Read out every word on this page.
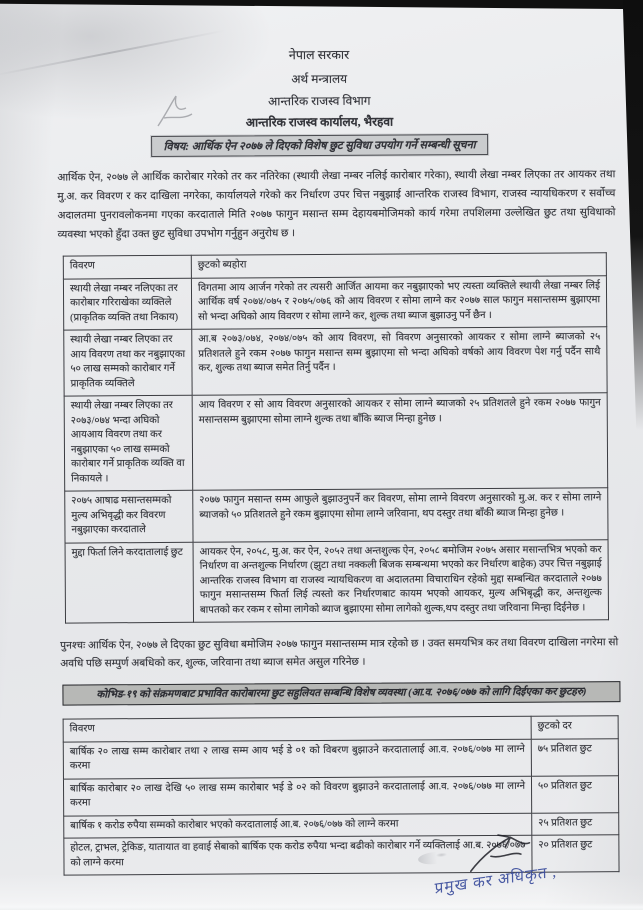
नेपाल सरकार
अर्थ मन्त्रालय
आन्तरिक राजस्व विभाग
आन्तरिक राजस्व कार्यालय, भैरहवा
विषय: आर्थिक ऐन २०७७ ले दिएको विशेष छुट सुविधा उपयोग गर्ने सम्बन्धी सूचना

आर्थिक ऐन, २०७७ ले आर्थिक कारोबार गरेको तर कर नतिरेका (स्थायी लेखा नम्बर नलिई कारोबार गरेका), स्थायी लेखा नम्बर लिएका तर आयकर तथा मु.अ. कर विवरण र कर दाखिला नगरेका, कार्यालयले गरेको कर निर्धारण उपर चित्त नबुझाई आन्तरिक राजस्व विभाग, राजस्व न्यायधिकरण र सर्वोच्च अदालतमा पुनरावलोकनमा गएका करदाताले मिति २०७७ फागुन मसान्त सम्म देहायबमोजिमको कार्य गरेमा तपशिलमा उल्लेखित छुट तथा सुविधाको व्यवस्था भएको हुँदा उक्त छुट सुविधा उपभोग गर्नुहुन अनुरोध छ ।

विवरण	छुटको ब्यहोरा
स्थायी लेखा नम्बर नलिएका तर कारोबार गरिराखेका व्यक्तिले (प्राकृतिक व्यक्ति तथा निकाय)	विगतमा आय आर्जन गरेको तर त्यसरी आर्जित आयमा कर नबुझाएको भए त्यस्ता व्यक्तिले स्थायी लेखा नम्बर लिई आर्थिक वर्ष २०७४/०७५ र २०७५/०७६ को आय विवरण र सोमा लाग्ने कर २०७७ साल फागुन मसान्तसम्म बुझाएमा सो भन्दा अघिको आय विवरण र सोमा लाग्ने कर, शुल्क तथा ब्याज बुझाउनु पर्ने छैन ।
स्थायी लेखा नम्बर लिएका तर आय विवरण तथा कर नबुझाएका ५० लाख सम्मको कारोबार गर्ने प्राकृतिक व्यक्तिले	आ.ब २०७३/०७४, २०७४/०७५ को आय विवरण, सो विवरण अनुसारको आयकर र सोमा लाग्ने ब्याजको २५ प्रतिशतले हुने रकम २०७७ फागुन मसान्त सम्म बुझाएमा सो भन्दा अघिको वर्षको आय विवरण पेश गर्नु पर्दैन साथै कर, शुल्क तथा ब्याज समेत तिर्नु पर्दैन ।
स्थायी लेखा नम्बर लिएका तर २०७३/०७४ भन्दा अघिको आयआय विवरण तथा कर नबुझाएका ५० लाख सम्मको कारोबार गर्ने प्राकृतिक व्यक्ति वा निकायले ।	आय विवरण र सो आय विवरण अनुसारको आयकर र सोमा लाग्ने ब्याजको २५ प्रतिशतले हुने रकम २०७७ फागुन मसान्तसम्म बुझाएमा सोमा लाग्ने शुल्क तथा बाँकि ब्याज मिन्हा हुनेछ ।
२०७५ आषाढ मसान्तसम्मको मुल्य अभिवृद्धी कर विवरण नबुझाएका करदाताले	२०७७ फागुन मसान्त सम्म आफुले बुझाउनुपर्ने कर विवरण, सोमा लाग्ने विवरण अनुसारको मु.अ. कर र सोमा लाग्ने ब्याजको ५० प्रतिशतले हुने रकम बुझाएमा सोमा लाग्ने जरिवाना, थप दस्तुर तथा बाँकी ब्याज मिन्हा हुनेछ ।
मुद्दा फिर्ता लिने करदातालाई छुट	आयकर ऐन, २०५८, मु.अ. कर ऐन, २०५२ तथा अन्तशुल्क ऐन, २०५८ बमोजिम २०७५ असार मसान्तभित्र भएको कर निर्धारण वा अन्तशुल्क निर्धारण (झुटा तथा नक्कली बिजक सम्बन्धमा भएको कर निर्धारण बाहेक) उपर चित्त नबुझाई आन्तरिक राजस्व विभाग वा राजस्व न्यायधिकरण वा अदालतमा विचाराधिन रहेको मुद्दा सम्बन्धित करदाताले २०७७ फागुन मसान्तसम्म फिर्ता लिई त्यस्तो कर निर्धारणबाट कायम भएको आयकर, मुल्य अभिबृद्धी कर, अन्तशुल्क बापतको कर रकम र सोमा लागेको ब्याज बुझाएमा सोमा लागेको शुल्क,थप दस्तुर तथा जरिवाना मिन्हा दिईनेछ ।

पुनश्चः आर्थिक ऐन, २०७७ ले दिएका छुट सुविधा बमोजिम २०७७ फागुन मसान्तसम्म मात्र रहेको छ । उक्त समयभित्र कर तथा विवरण दाखिला नगरेमा सो अवधि पछि सम्पुर्ण अबधिको कर, शुल्क, जरिवाना तथा ब्याज समेत असुल गरिनेछ ।

कोभिड-१९ को संक्रमणबाट प्रभावित कारोबारमा छुट सहुलियत सम्बन्धि विशेष व्यवस्था (आ.व. २०७६/०७७ को लागि दिईएका कर छुटहरु)
विवरण	छुटको दर
बार्षिक २० लाख सम्म कारोबार तथा २ लाख सम्म आय भई डे ०१ को विबरण बुझाउने करदातालाई आ.व. २०७६/०७७ मा लाग्ने करमा	७५ प्रतिशत छुट
बार्षिक कारोबार २० लाख देखि ५० लाख सम्म कारोबार भई डे ०२ को विवरण बुझाउने करदातालाई आ.व. २०७६/०७७ मा लाग्ने करमा	५० प्रतिशत छुट
बार्षिक १ करोड रुपैया सम्मको कारोबार भएको करदातालाई आ.ब. २०७६/०७७ को लाग्ने करमा	२५ प्रतिशत छुट
होटल, ट्राभल, ट्रेकिङ, यातायात वा हवाई सेबाको बार्षिक एक करोड रुपैया भन्दा बढीको कारोबार गर्ने व्यक्तिलाई आ.ब. २०७६/०७७ को लाग्ने करमा	२० प्रतिशत छुट
प्रमुख कर अधिकृत ,
